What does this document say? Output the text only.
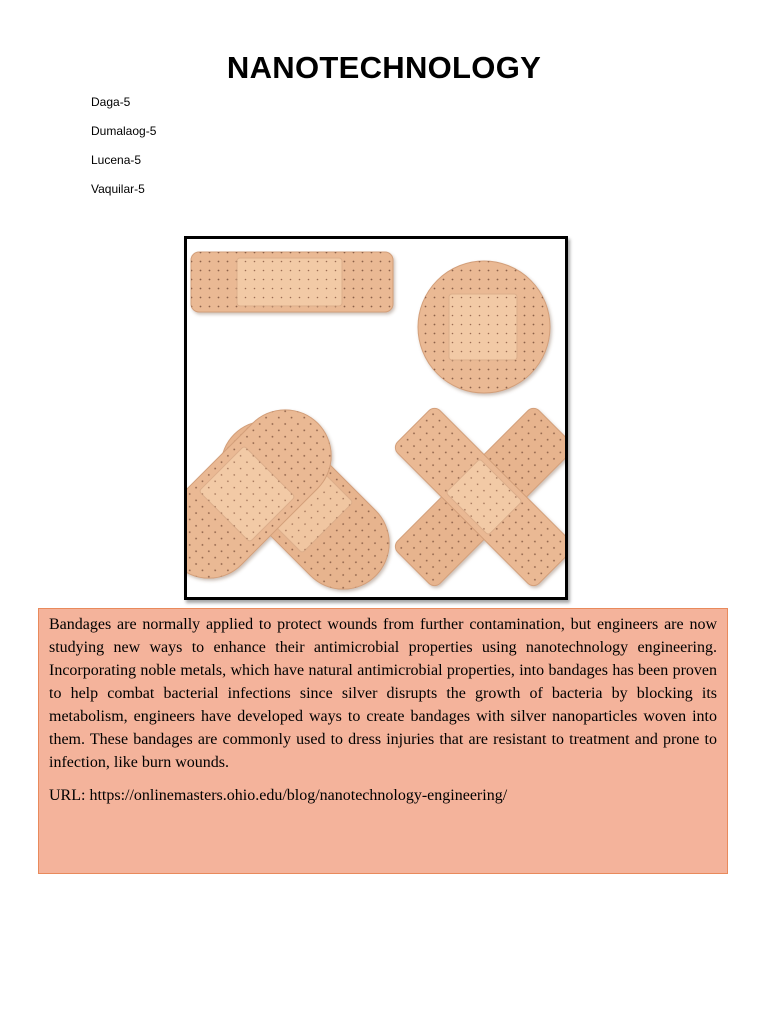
NANOTECHNOLOGY
Daga-5
Dumalaog-5
Lucena-5
Vaquilar-5

Bandages are normally applied to protect wounds from further contamination, but engineers are now studying new ways to enhance their antimicrobial properties using nanotechnology engineering. Incorporating noble metals, which have natural antimicrobial properties, into bandages has been proven to help combat bacterial infections since silver disrupts the growth of bacteria by blocking its metabolism, engineers have developed ways to create bandages with silver nanoparticles woven into them. These bandages are commonly used to dress injuries that are resistant to treatment and prone to infection, like burn wounds.

URL: https://onlinemasters.ohio.edu/blog/nanotechnology-engineering/
